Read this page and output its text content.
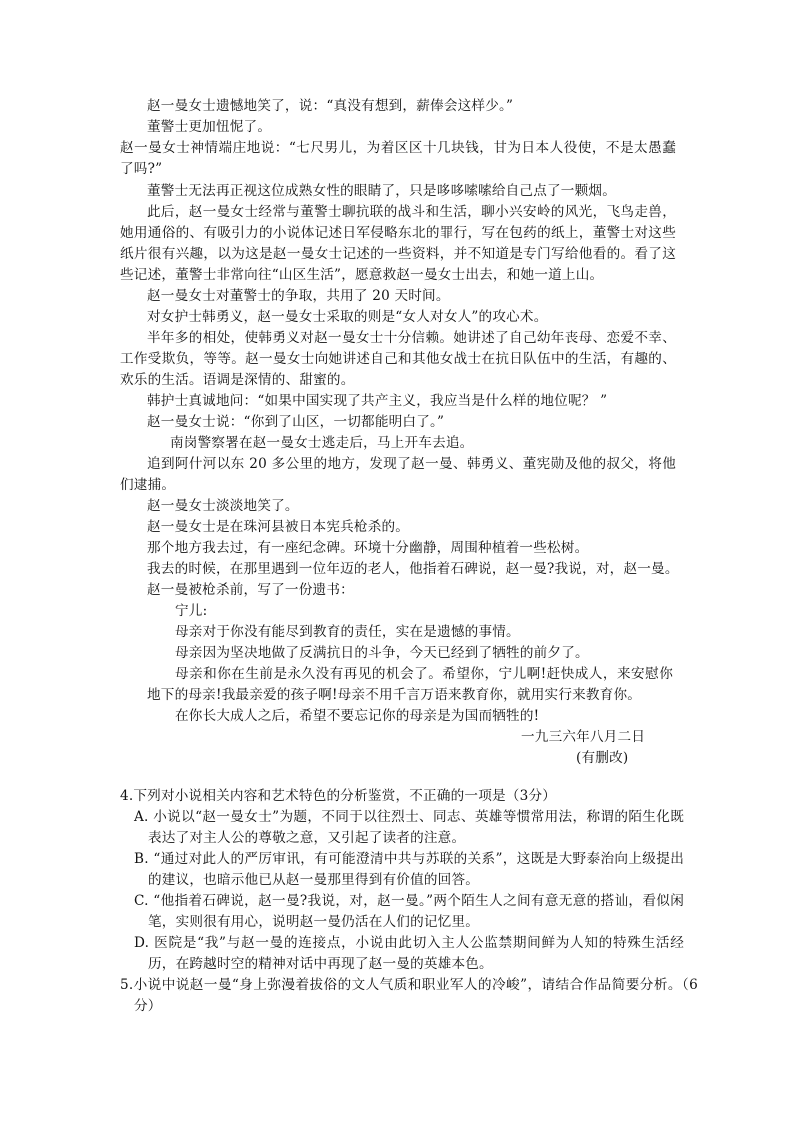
赵一曼女士遗憾地笑了，说：“真没有想到，薪俸会这样少。”
董警士更加忸怩了。
赵一曼女士神情端庄地说：“七尺男儿，为着区区十几块钱，甘为日本人役使，不是太愚蠢了吗?”
董警士无法再正视这位成熟女性的眼睛了，只是哆哆嗦嗦给自己点了一颗烟。
此后，赵一曼女士经常与董警士聊抗联的战斗和生活，聊小兴安岭的风光，飞鸟走兽，她用通俗的、有吸引力的小说体记述日军侵略东北的罪行，写在包药的纸上，董警士对这些纸片很有兴趣，以为这是赵一曼女士记述的一些资料，并不知道是专门写给他看的。看了这些记述，董警士非常向往“山区生活”，愿意救赵一曼女士出去，和她一道上山。
赵一曼女士对董警士的争取，共用了 20 天时间。
对女护士韩勇义，赵一曼女士采取的则是“女人对女人”的攻心术。
半年多的相处，使韩勇义对赵一曼女士十分信赖。她讲述了自己幼年丧母、恋爱不幸、工作受欺负，等等。赵一曼女士向她讲述自己和其他女战士在抗日队伍中的生活，有趣的、欢乐的生活。语调是深情的、甜蜜的。
韩护士真诚地问：“如果中国实现了共产主义，我应当是什么样的地位呢？ ”
赵一曼女士说：“你到了山区，一切都能明白了。”
南岗警察署在赵一曼女士逃走后，马上开车去追。
追到阿什河以东 20 多公里的地方，发现了赵一曼、韩勇义、董宪勋及他的叔父，将他们逮捕。
赵一曼女士淡淡地笑了。
赵一曼女士是在珠河县被日本宪兵枪杀的。
那个地方我去过，有一座纪念碑。环境十分幽静，周围种植着一些松树。
我去的时候，在那里遇到一位年迈的老人，他指着石碑说，赵一曼?我说，对，赵一曼。
赵一曼被枪杀前，写了一份遗书：
宁儿:
母亲对于你没有能尽到教育的责任，实在是遗憾的事情。
母亲因为坚决地做了反满抗日的斗争，今天已经到了牺牲的前夕了。
母亲和你在生前是永久没有再见的机会了。希望你，宁儿啊!赶快成人，来安慰你地下的母亲!我最亲爱的孩子啊!母亲不用千言万语来教育你，就用实行来教育你。
在你长大成人之后，希望不要忘记你的母亲是为国而牺牲的!
一九三六年八月二日
(有删改)
4.下列对小说相关内容和艺术特色的分析鉴赏，不正确的一项是（3分）
A. 小说以“赵一曼女士”为题，不同于以往烈士、同志、英雄等惯常用法，称谓的陌生化既表达了对主人公的尊敬之意，又引起了读者的注意。
B. “通过对此人的严厉审讯，有可能澄清中共与苏联的关系”，这既是大野泰治向上级提出的建议，也暗示他已从赵一曼那里得到有价值的回答。
C. “他指着石碑说，赵一曼?我说，对，赵一曼。”两个陌生人之间有意无意的搭讪，看似闲笔，实则很有用心，说明赵一曼仍活在人们的记忆里。
D. 医院是“我”与赵一曼的连接点，小说由此切入主人公监禁期间鲜为人知的特殊生活经历，在跨越时空的精神对话中再现了赵一曼的英雄本色。
5.小说中说赵一曼“身上弥漫着拔俗的文人气质和职业军人的冷峻”，请结合作品简要分析。（6分）
